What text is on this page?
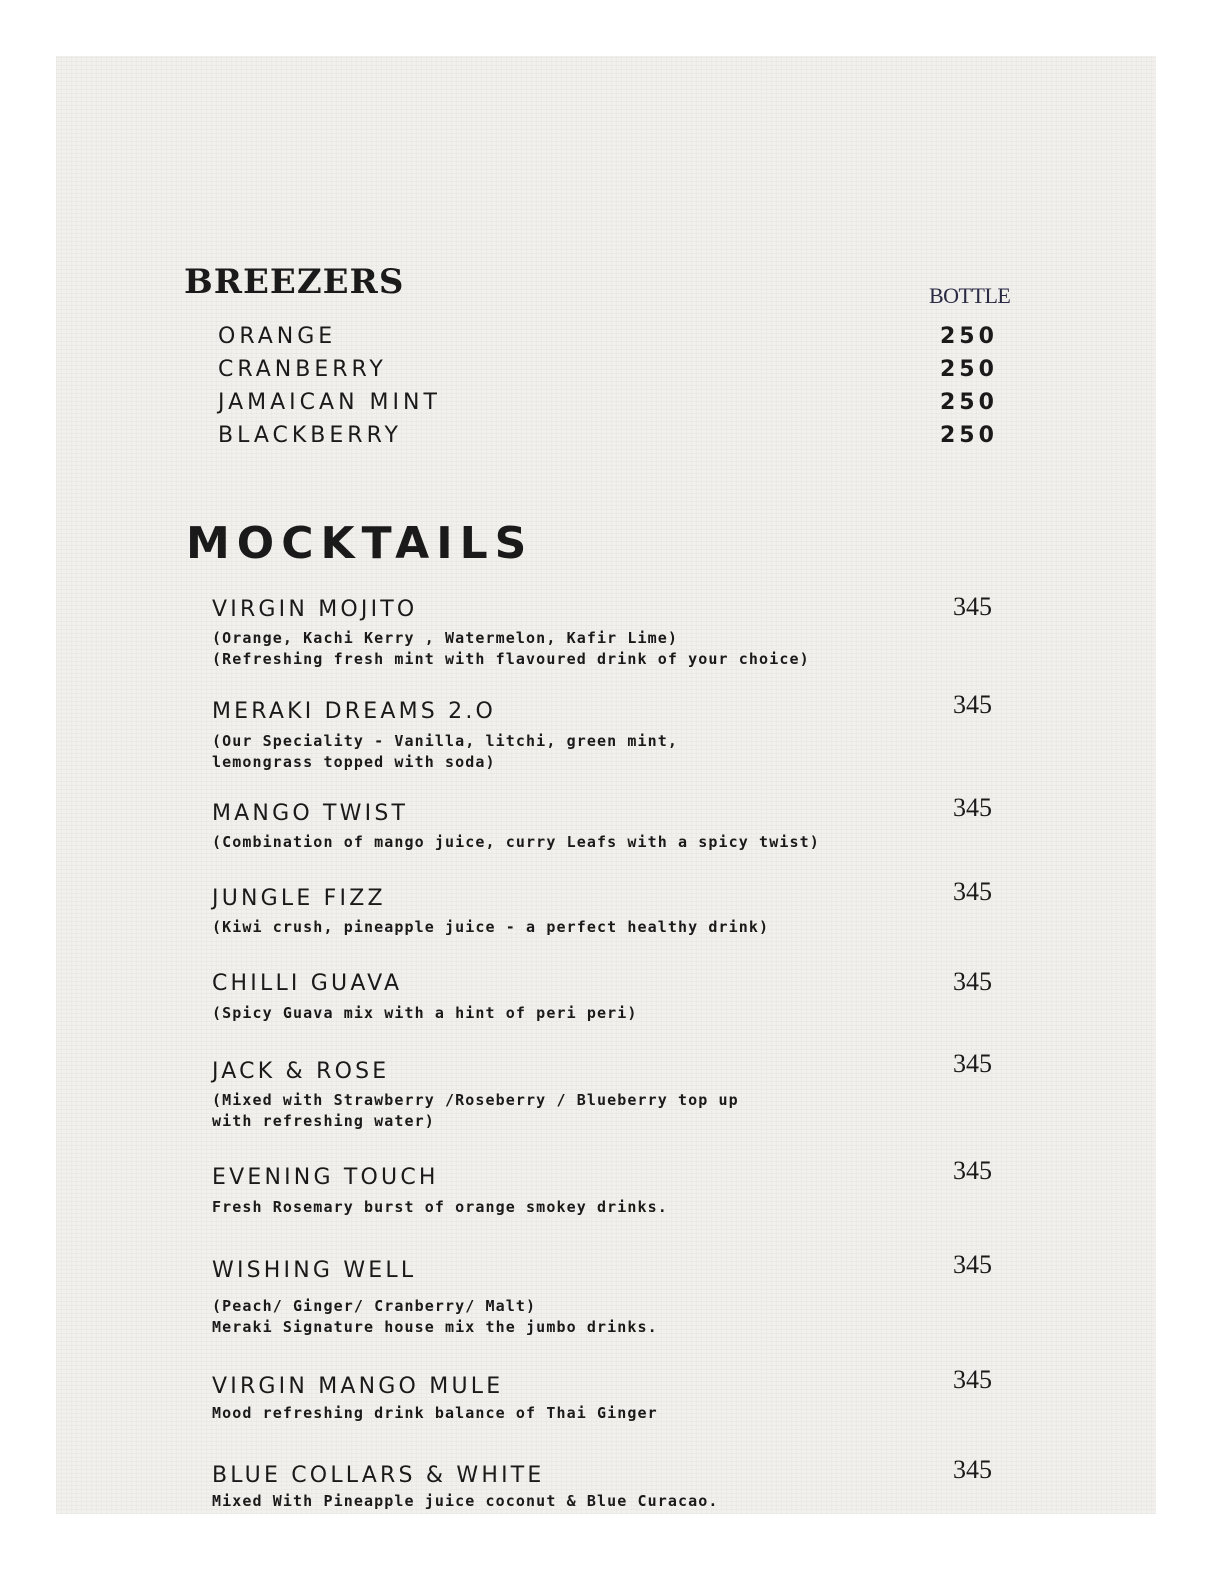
BREEZERS	BOTTLE
ORANGE	250
CRANBERRY	250
JAMAICAN MINT	250
BLACKBERRY	250
MOCKTAILS
VIRGIN MOJITO	345
(Orange, Kachi Kerry , Watermelon, Kafir Lime)
(Refreshing fresh mint with flavoured drink of your choice)
MERAKI DREAMS 2.O	345
(Our Speciality - Vanilla, litchi, green mint,
lemongrass topped with soda)
MANGO TWIST	345
(Combination of mango juice, curry Leafs with a spicy twist)
JUNGLE FIZZ	345
(Kiwi crush, pineapple juice - a perfect healthy drink)
CHILLI GUAVA	345
(Spicy Guava mix with a hint of peri peri)
JACK & ROSE	345
(Mixed with Strawberry /Roseberry / Blueberry top up
with refreshing water)
EVENING TOUCH	345
Fresh Rosemary burst of orange smokey drinks.
WISHING WELL	345
(Peach/ Ginger/ Cranberry/ Malt)
Meraki Signature house mix the jumbo drinks.
VIRGIN MANGO MULE	345
Mood refreshing drink balance of Thai Ginger
BLUE COLLARS & WHITE	345
Mixed With Pineapple juice coconut & Blue Curacao.
